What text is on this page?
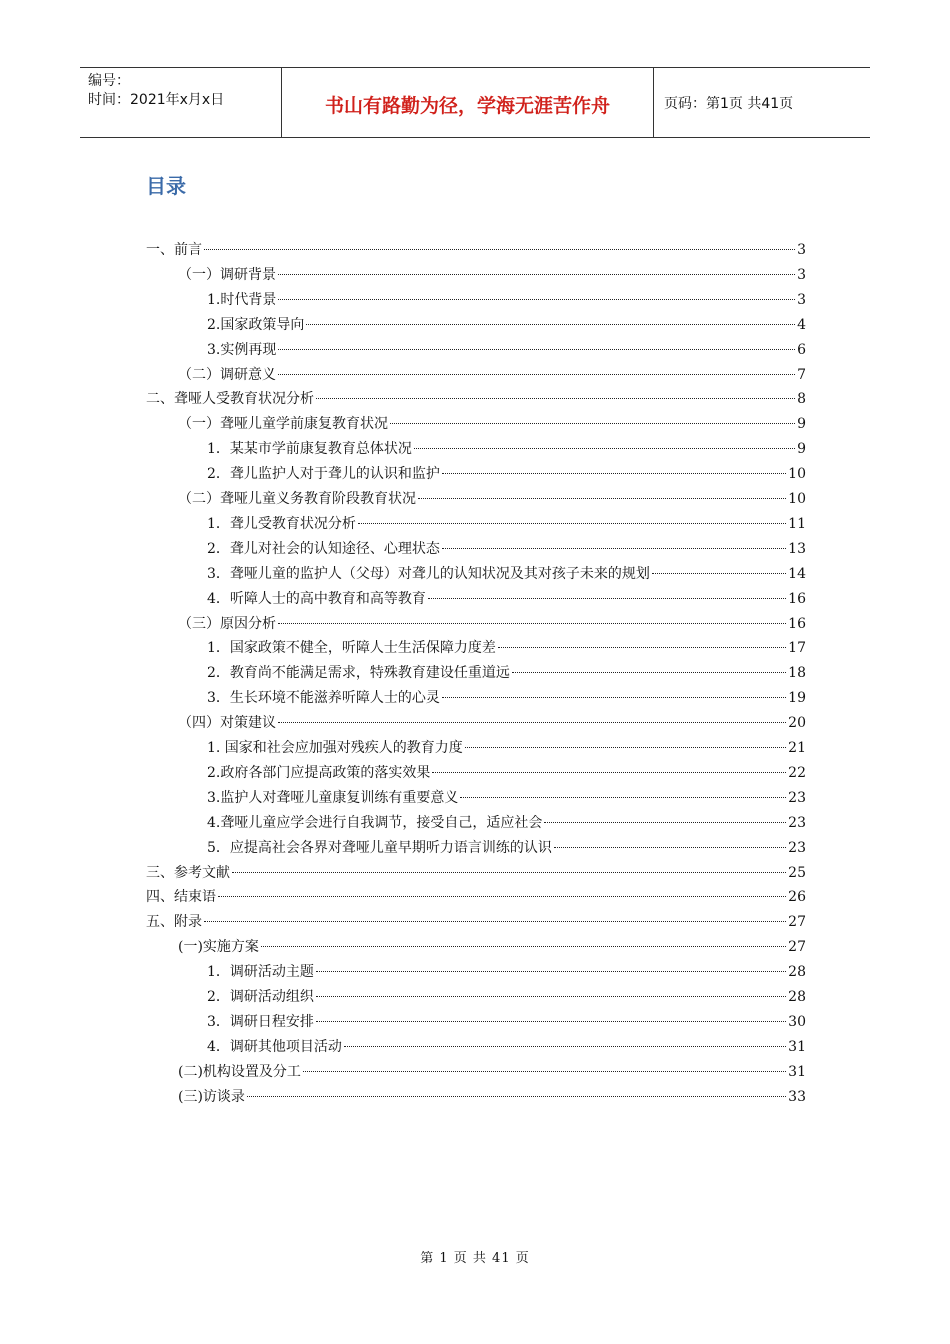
编号：
时间：2021年x月x日	书山有路勤为径，学海无涯苦作舟	页码：第1页 共41页
目录
一、前言	3
（一）调研背景	3
1.时代背景	3
2.国家政策导向	4
3.实例再现	6
（二）调研意义	7
二、聋哑人受教育状况分析	8
（一）聋哑儿童学前康复教育状况	9
1．某某市学前康复教育总体状况	9
2．聋儿监护人对于聋儿的认识和监护	10
（二）聋哑儿童义务教育阶段教育状况	10
1．聋儿受教育状况分析	11
2．聋儿对社会的认知途径、心理状态	13
3．聋哑儿童的监护人（父母）对聋儿的认知状况及其对孩子未来的规划	14
4．听障人士的高中教育和高等教育	16
（三）原因分析	16
1．国家政策不健全，听障人士生活保障力度差	17
2．教育尚不能满足需求，特殊教育建设任重道远	18
3．生长环境不能滋养听障人士的心灵	19
（四）对策建议	20
1. 国家和社会应加强对残疾人的教育力度	21
2.政府各部门应提高政策的落实效果	22
3.监护人对聋哑儿童康复训练有重要意义	23
4.聋哑儿童应学会进行自我调节，接受自己，适应社会	23
5．应提高社会各界对聋哑儿童早期听力语言训练的认识	23
三、参考文献	25
四、结束语	26
五、附录	27
(一)实施方案	27
1．调研活动主题	28
2．调研活动组织	28
3．调研日程安排	30
4．调研其他项目活动	31
(二)机构设置及分工	31
(三)访谈录	33
第 1 页 共 41 页
